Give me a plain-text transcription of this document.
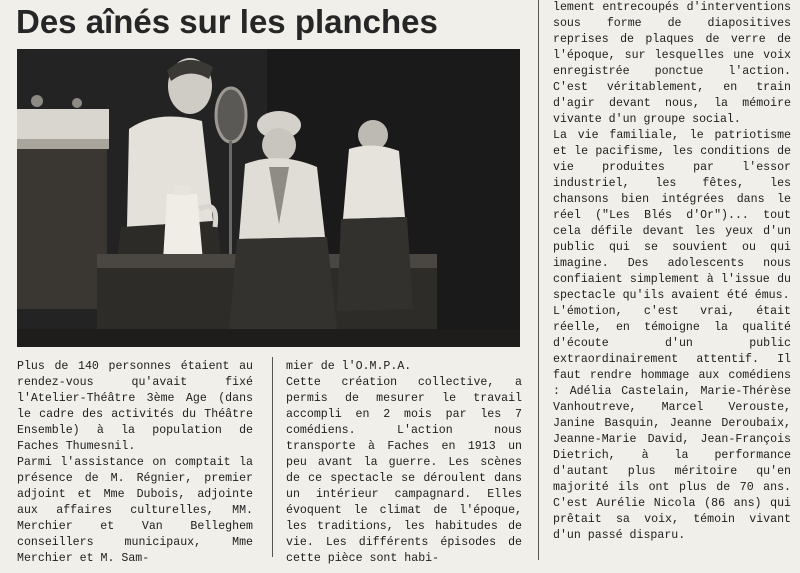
Des aînés sur les planches

Plus de 140 personnes étaient au rendez-vous qu'avait fixé l'Atelier-Théâtre 3ème Age (dans le cadre des activités du Théâtre Ensemble) à la population de Faches Thumesnil.

Parmi l'assistance on comptait la présence de M. Régnier, premier adjoint et Mme Dubois, adjointe aux affaires culturelles, MM. Merchier et Van Belleghem conseillers municipaux, Mme Merchier et M. Sam-

mier de l'O.M.P.A.

Cette création collective, a permis de mesurer le travail accompli en 2 mois par les 7 comédiens. L'action nous transporte à Faches en 1913 un peu avant la guerre. Les scènes de ce spectacle se déroulent dans un intérieur campagnard. Elles évoquent le climat de l'époque, les traditions, les habitudes de vie. Les différents épisodes de cette pièce sont habi-

lement entrecoupés d'interventions sous forme de diapositives reprises de plaques de verre de l'époque, sur lesquelles une voix enregistrée ponctue l'action. C'est véritablement, en train d'agir devant nous, la mémoire vivante d'un groupe social.

La vie familiale, le patriotisme et le pacifisme, les conditions de vie produites par l'essor industriel, les fêtes, les chansons bien intégrées dans le réel ("Les Blés d'Or")... tout cela défile devant les yeux d'un public qui se souvient ou qui imagine. Des adolescents nous confiaient simplement à l'issue du spectacle qu'ils avaient été émus.

L'émotion, c'est vrai, était réelle, en témoigne la qualité d'écoute d'un public extraordinairement attentif. Il faut rendre hommage aux comédiens : Adélia Castelain, Marie-Thérèse Vanhoutreve, Marcel Verouste, Janine Basquin, Jeanne Deroubaix, Jeanne-Marie David, Jean-François Dietrich, à la performance d'autant plus méritoire qu'en majorité ils ont plus de 70 ans. C'est Aurélie Nicola (86 ans) qui prêtait sa voix, témoin vivant d'un passé disparu.
